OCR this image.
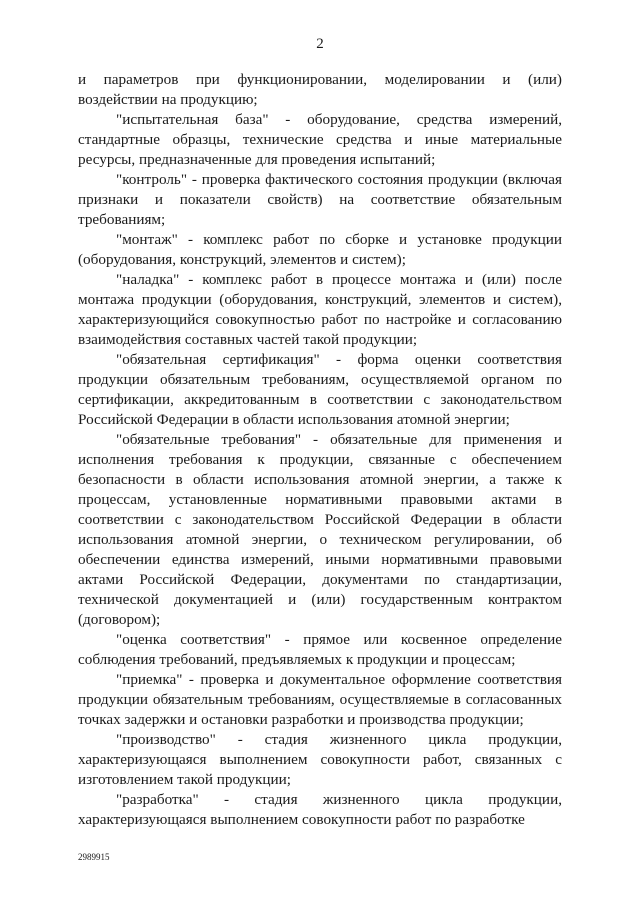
2

и параметров при функционировании, моделировании и (или) воздействии на продукцию;

"испытательная база" - оборудование, средства измерений, стандартные образцы, технические средства и иные материальные ресурсы, предназначенные для проведения испытаний;

"контроль" - проверка фактического состояния продукции (включая признаки и показатели свойств) на соответствие обязательным требованиям;

"монтаж" - комплекс работ по сборке и установке продукции (оборудования, конструкций, элементов и систем);

"наладка" - комплекс работ в процессе монтажа и (или) после монтажа продукции (оборудования, конструкций, элементов и систем), характеризующийся совокупностью работ по настройке и согласованию взаимодействия составных частей такой продукции;

"обязательная сертификация" - форма оценки соответствия продукции обязательным требованиям, осуществляемой органом по сертификации, аккредитованным в соответствии с законодательством Российской Федерации в области использования атомной энергии;

"обязательные требования" - обязательные для применения и исполнения требования к продукции, связанные с обеспечением безопасности в области использования атомной энергии, а также к процессам, установленные нормативными правовыми актами в соответствии с законодательством Российской Федерации в области использования атомной энергии, о техническом регулировании, об обеспечении единства измерений, иными нормативными правовыми актами Российской Федерации, документами по стандартизации, технической документацией и (или) государственным контрактом (договором);

"оценка соответствия" - прямое или косвенное определение соблюдения требований, предъявляемых к продукции и процессам;

"приемка" - проверка и документальное оформление соответствия продукции обязательным требованиям, осуществляемые в согласованных точках задержки и остановки разработки и производства продукции;

"производство" - стадия жизненного цикла продукции, характеризующаяся выполнением совокупности работ, связанных с изготовлением такой продукции;

"разработка" - стадия жизненного цикла продукции, характеризующаяся выполнением совокупности работ по разработке

2989915
